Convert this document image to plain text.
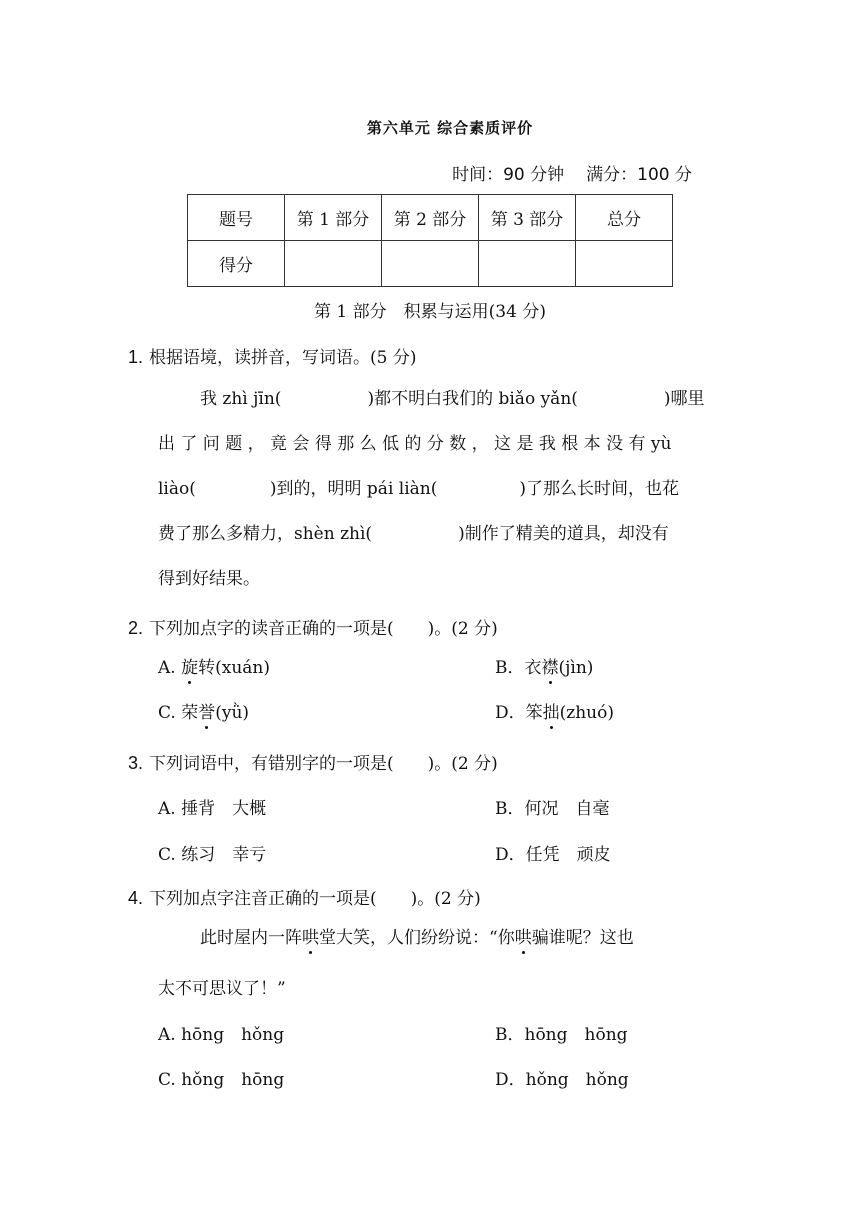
第六单元 综合素质评价
时间：90 分钟 满分：100 分
题号	第 1 部分	第 2 部分	第 3 部分	总分
得分				
第 1 部分　积累与运用(34 分)
1. 根据语境，读拼音，写词语。(5 分)

我 zhì jīn(	)都不明白我们的 biǎo yǎn(	)哪里

出 了 问 题 ， 竟 会 得 那 么 低 的 分 数 ， 这 是 我 根 本 没 有 yù

liào(	)到的，明明 pái liàn(	)了那么长时间，也花

费了那么多精力，shèn zhì(	)制作了精美的道具，却没有

得到好结果。

2. 下列加点字的读音正确的一项是(　　)。(2 分)
A. 旋转(xuán)	B．衣襟(jìn)
C. 荣誉(yǜ)	D．笨拙(zhuó)
3. 下列词语中，有错别字的一项是(　　)。(2 分)
A. 捶背　大概	B．何况　自毫
C. 练习　幸亏	D．任凭　顽皮
4. 下列加点字注音正确的一项是(　　)。(2 分)
此时屋内一阵哄堂大笑，人们纷纷说：“你哄骗谁呢？这也
太不可思议了！”
A. hōng　hǒng	B．hōng　hōng
C. hǒng　hōng	D．hǒng　hǒng
